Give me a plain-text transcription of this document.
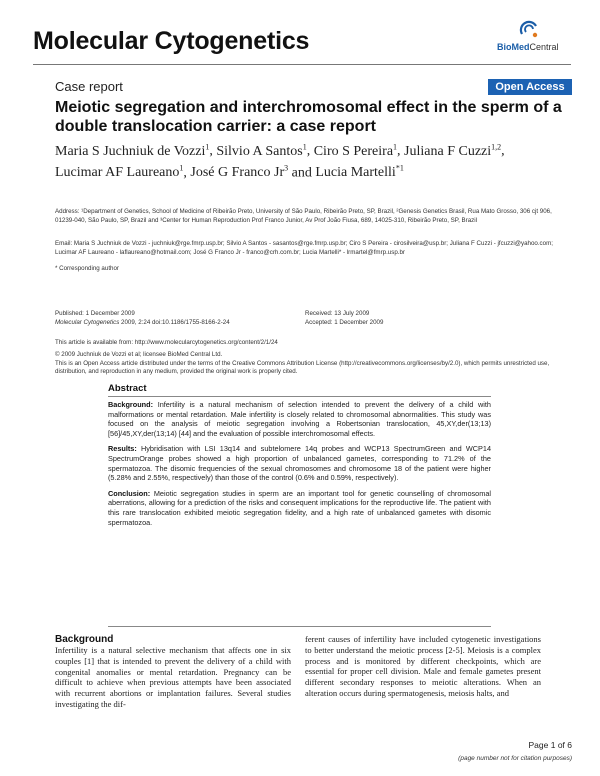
Molecular Cytogenetics	BioMedCentral
Case report	Open Access
Meiotic segregation and interchromosomal effect in the sperm of a double translocation carrier: a case report
Maria S Juchniuk de Vozzi$^1$, Silvio A Santos$^1$, Ciro S Pereira$^1$, Juliana F Cuzzi$^{1,2}$, Lucimar AF Laureano$^1$, José G Franco Jr$^3$ and Lucia Martelli$^{*1}$
Address: ¹Department of Genetics, School of Medicine of Ribeirão Preto, University of São Paulo, Ribeirão Preto, SP, Brazil, ²Genesis Genetics Brasil, Rua Mato Grosso, 306 cjt 906, 01239-040, São Paulo, SP, Brazil and ³Center for Human Reproduction Prof Franco Junior, Av Prof João Fiusa, 689, 14025-310, Ribeirão Preto, SP, Brazil
Email: Maria S Juchniuk de Vozzi - juchniuk@rge.fmrp.usp.br; Silvio A Santos - sasantos@rge.fmrp.usp.br; Ciro S Pereira - cirosilveira@usp.br; Juliana F Cuzzi - jfcuzzi@yahoo.com; Lucimar AF Laureano - laflaureano@hotmail.com; José G Franco Jr - franco@crh.com.br; Lucia Martelli* - lrmartel@fmrp.usp.br
* Corresponding author
Published: 1 December 2009
Molecular Cytogenetics 2009, 2:24 doi:10.1186/1755-8166-2-24
Received: 13 July 2009
Accepted: 1 December 2009
This article is available from: http://www.molecularcytogenetics.org/content/2/1/24
© 2009 Juchniuk de Vozzi et al; licensee BioMed Central Ltd.
This is an Open Access article distributed under the terms of the Creative Commons Attribution License (http://creativecommons.org/licenses/by/2.0), which permits unrestricted use, distribution, and reproduction in any medium, provided the original work is properly cited.
Abstract

Background: Infertility is a natural mechanism of selection intended to prevent the delivery of a child with malformations or mental retardation. Male infertility is closely related to chromosomal abnormalities. This study was focused on the analysis of meiotic segregation involving a Robertsonian translocation, 45,XY,der(13;13) [56]/45,XY,der(13;14) [44] and the evaluation of possible interchromosomal effects.

Results: Hybridisation with LSI 13q14 and subtelomere 14q probes and WCP13 SpectrumGreen and WCP14 SpectrumOrange probes showed a high proportion of unbalanced gametes, corresponding to 71.2% of the spermatozoa. The disomic frequencies of the sexual chromosomes and chromosome 18 of the patient were higher (5.28% and 2.55%, respectively) than those of the control (0.6% and 0.59%, respectively).

Conclusion: Meiotic segregation studies in sperm are an important tool for genetic counselling of chromosomal aberrations, allowing for a prediction of the risks and consequent implications for the reproductive life. The patient with this rare translocation exhibited meiotic segregation fidelity, and a high rate of unbalanced gametes with disomic spermatozoa.

Background
Infertility is a natural selective mechanism that affects one in six couples [1] that is intended to prevent the delivery of a child with congenital anomalies or mental retardation. Pregnancy can be difficult to achieve when previous attempts have been associated with recurrent abortions or implantation failures. Several studies investigating the dif-
ferent causes of infertility have included cytogenetic investigations to better understand the meiotic process [2-5]. Meiosis is a complex process and is monitored by different checkpoints, which are essential for proper cell division. Male and female gametes present different secondary responses to meiotic alterations. When an alteration occurs during spermatogenesis, meiosis halts, and
Page 1 of 6
(page number not for citation purposes)
